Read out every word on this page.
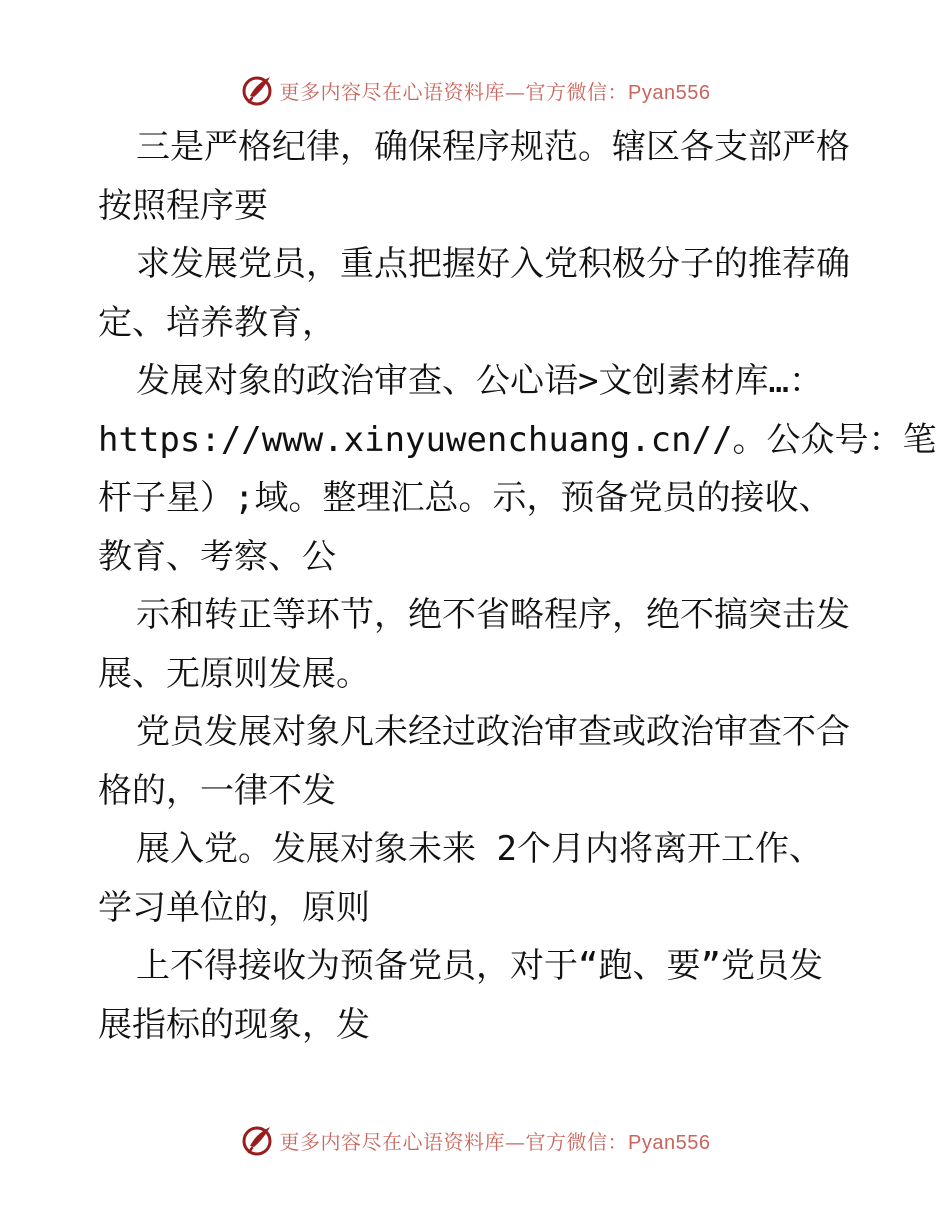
更多内容尽在心语资料库—官方微信：Pyan556
三是严格纪律，确保程序规范。辖区各支部严格
按照程序要
求发展党员，重点把握好入党积极分子的推荐确
定、培养教育，
发展对象的政治审查、公心语>文创素材库…：
https://www.xinyuwenchuang.cn//。公众号：笔
杆子星）;域。整理汇总。示，预备党员的接收、
教育、考察、公
示和转正等环节，绝不省略程序，绝不搞突击发
展、无原则发展。
党员发展对象凡未经过政治审查或政治审查不合
格的，一律不发
展入党。发展对象未来 2个月内将离开工作、
学习单位的，原则
上不得接收为预备党员，对于“跑、要”党员发
展指标的现象，发
更多内容尽在心语资料库—官方微信：Pyan556
